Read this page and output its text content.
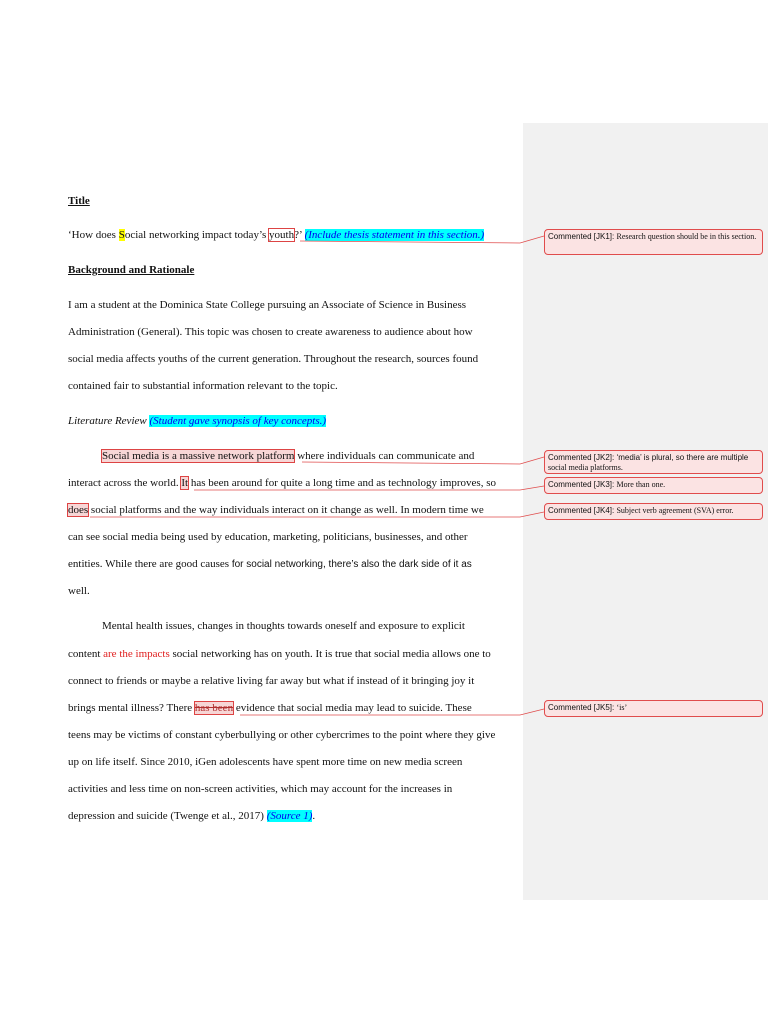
Title
‘How does Social networking impact today’s youth?’ (Include thesis statement in this section.)
Background and Rationale
I am a student at the Dominica State College pursuing an Associate of Science in Business
Administration (General). This topic was chosen to create awareness to audience about how
social media affects youths of the current generation. Throughout the research, sources found
contained fair to substantial information relevant to the topic.
Literature Review (Student gave synopsis of key concepts.)
Social media is a massive network platform where individuals can communicate and
interact across the world. It has been around for quite a long time and as technology improves, so
does social platforms and the way individuals interact on it change as well. In modern time we
can see social media being used by education, marketing, politicians, businesses, and other
entities. While there are good causes for social networking, there’s also the dark side of it as
well.
Mental health issues, changes in thoughts towards oneself and exposure to explicit
content are the impacts social networking has on youth. It is true that social media allows one to
connect to friends or maybe a relative living far away but what if instead of it bringing joy it
brings mental illness? There has been evidence that social media may lead to suicide. These
teens may be victims of constant cyberbullying or other cybercrimes to the point where they give
up on life itself. Since 2010, iGen adolescents have spent more time on new media screen
activities and less time on non-screen activities, which may account for the increases in
depression and suicide (Twenge et al., 2017) (Source 1).
Commented [JK1]: Research question should be in this section.
Commented [JK2]: ‘media’ is plural, so there are multiple
social media platforms.
Commented [JK3]: More than one.
Commented [JK4]: Subject verb agreement (SVA) error.
Commented [JK5]: ‘is’
